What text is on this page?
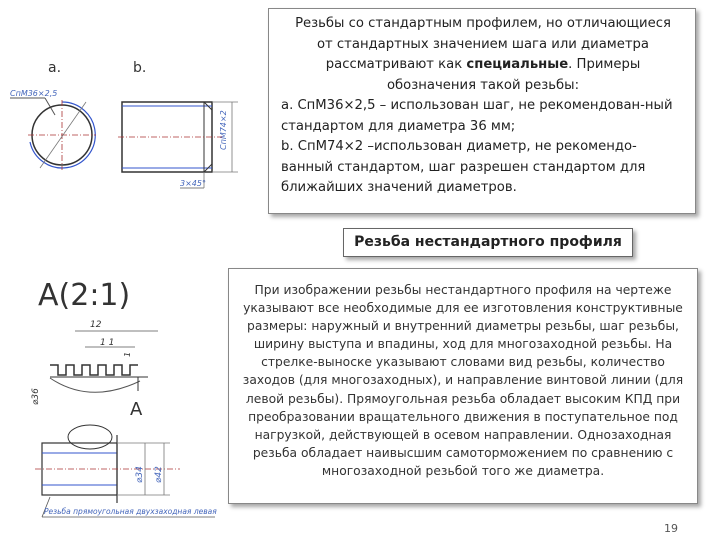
a.	b.
СпМ36×2,5
СпМ74×2
3×45°
Резьбы со стандартным профилем, но отличающиеся
от стандартных значением шага или диаметра
рассматривают как специальные. Примеры
обозначения такой резьбы:
а. СпМ36×2,5 – использован шаг, не рекомендован-ный стандартом для диаметра 36 мм;
b. СпМ74×2 –использован диаметр, не рекомендо-ванный стандартом, шаг разрешен стандартом для ближайших значений диаметров.
Резьба нестандартного профиля
A(2:1)
12
1 1
1
⌀36
A
⌀34 ⌀42
Резьба прямоугольная двухзаходная левая
При изображении резьбы нестандартного профиля на чертеже указывают все необходимые для ее изготовления конструктивные размеры: наружный и внутренний диаметры резьбы, шаг резьбы, ширину выступа и впадины, ход для многозаходной резьбы. На стрелке-выноске указывают словами вид резьбы, количество заходов (для многозаходных), и направление винтовой линии (для левой резьбы). Прямоугольная резьба обладает высоким КПД при преобразовании вращательного движения в поступательное под нагрузкой, действующей в осевом направлении. Однозаходная резьба обладает наивысшим самоторможением по сравнению с многозаходной резьбой того же диаметра.
19
